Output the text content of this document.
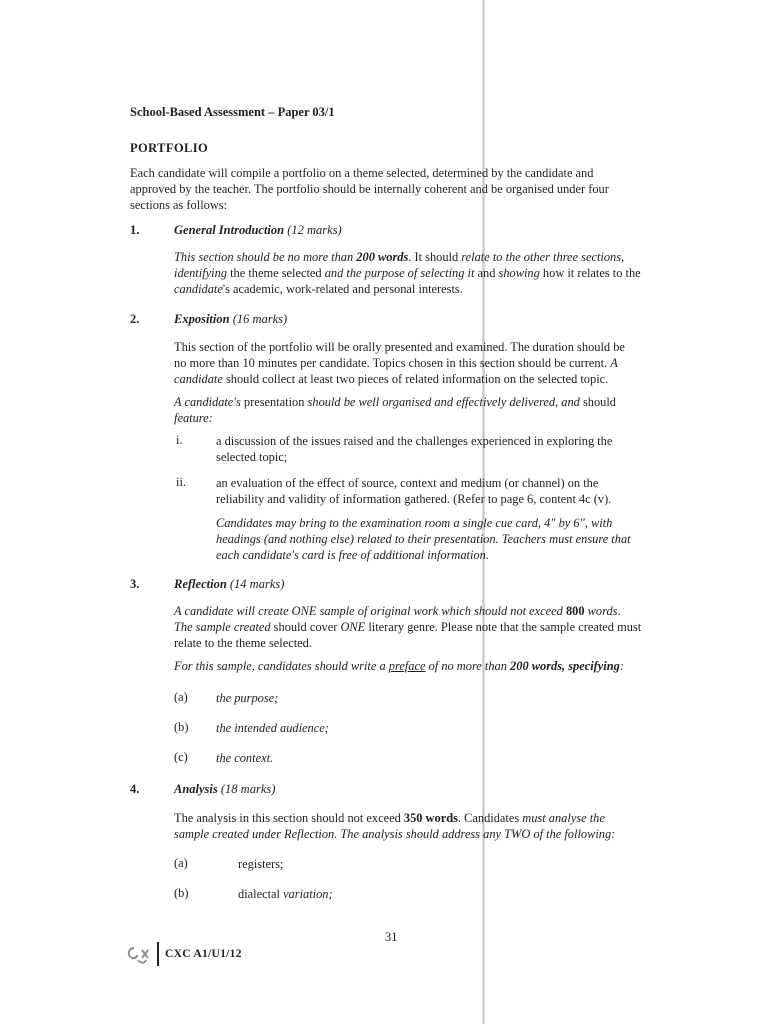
School-Based Assessment – Paper 03/1

PORTFOLIO

Each candidate will compile a portfolio on a theme selected, determined by the candidate and
approved by the teacher. The portfolio should be internally coherent and be organised under four
sections as follows:
1.	General Introduction (12 marks)

This section should be no more than 200 words. It should relate to the other three sections,
identifying the theme selected and the purpose of selecting it and showing how it relates to the
candidate's academic, work-related and personal interests.
2.	Exposition (16 marks)

This section of the portfolio will be orally presented and examined. The duration should be
no more than 10 minutes per candidate. Topics chosen in this section should be current. A
candidate should collect at least two pieces of related information on the selected topic.
A candidate's presentation should be well organised and effectively delivered, and should
feature:
i.	a discussion of the issues raised and the challenges experienced in exploring the
selected topic;
ii. an evaluation of the effect of source, context and medium (or channel) on the
reliability and validity of information gathered. (Refer to page 6, content 4c (v).
Candidates may bring to the examination room a single cue card, 4" by 6", with
headings (and nothing else) related to their presentation. Teachers must ensure that
each candidate's card is free of additional information.
3.	Reflection (14 marks)

A candidate will create ONE sample of original work which should not exceed 800 words.
The sample created should cover ONE literary genre. Please note that the sample created must
relate to the theme selected.
For this sample, candidates should write a preface of no more than 200 words, specifying:
(a) the purpose;
(b) the intended audience;
(c) the context.
4.	Analysis (18 marks)

The analysis in this section should not exceed 350 words. Candidates must analyse the
sample created under Reflection. The analysis should address any TWO of the following:
(a)	registers;
(b)	dialectal variation;
31
CXC A1/U1/12
